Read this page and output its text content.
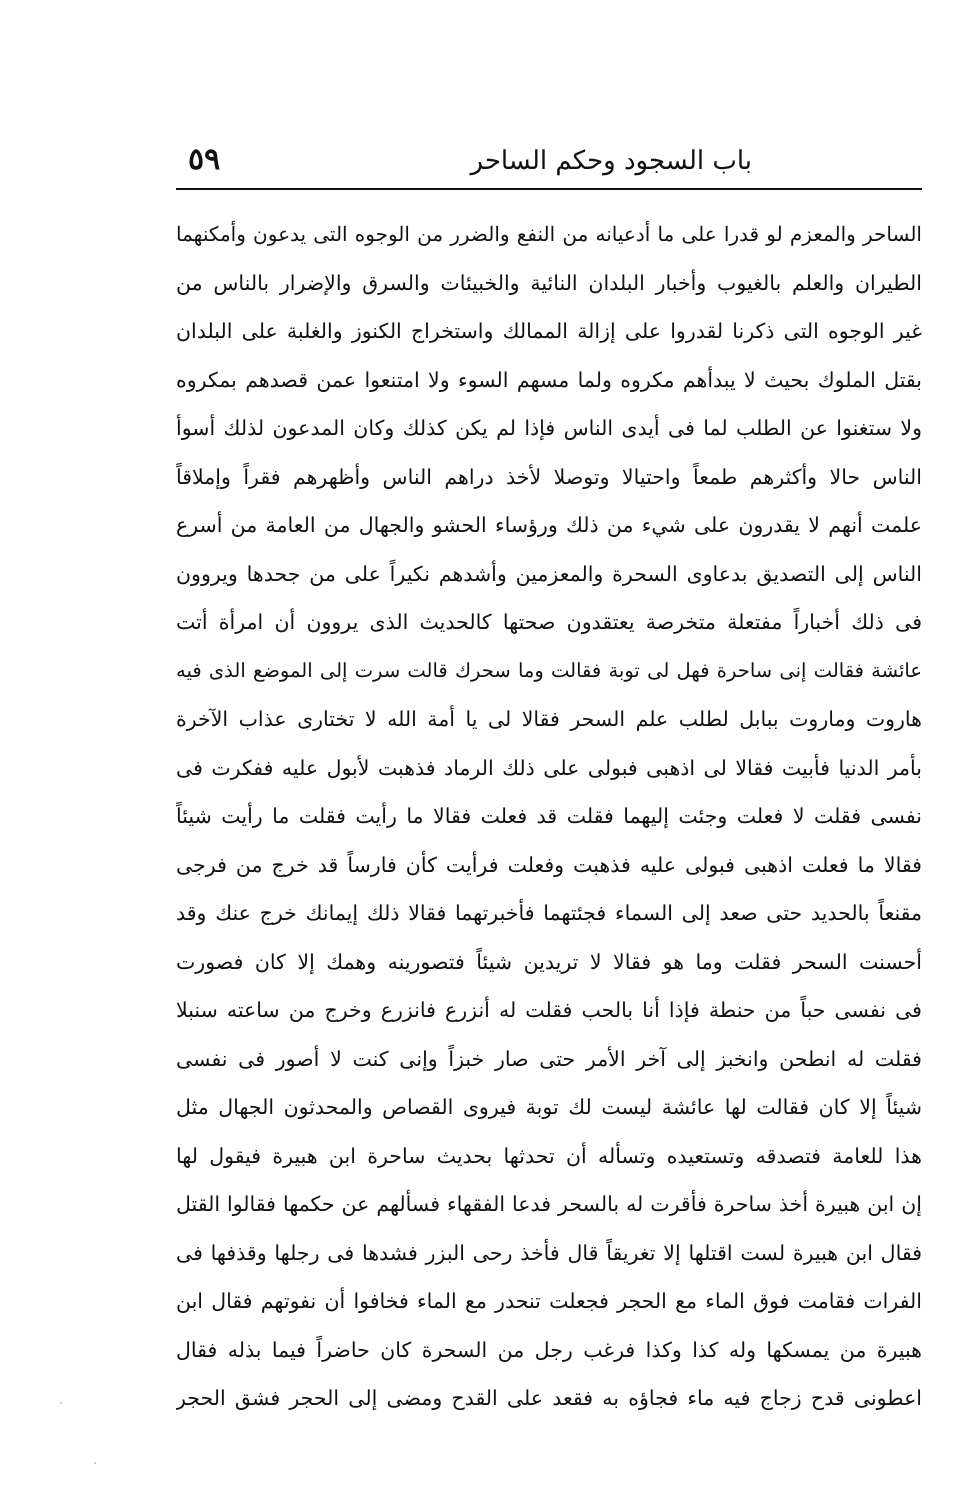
باب السجود وحكم الساحر
٥٩
الساحر والمعزم لو قدرا على ما أدعيانه من النفع والضرر من الوجوه التى يدعون وأمكنهما
الطيران والعلم بالغيوب وأخبار البلدان النائية والخبيئات والسرق والإضرار بالناس من
غير الوجوه التى ذكرنا لقدروا على إزالة الممالك واستخراج الكنوز والغلبة على البلدان
بقتل الملوك بحيث لا يبدأهم مكروه ولما مسهم السوء ولا امتنعوا عمن قصدهم بمكروه
ولا ستغنوا عن الطلب لما فى أيدى الناس فإذا لم يكن كذلك وكان المدعون لذلك أسوأ
الناس حالا وأكثرهم طمعاً واحتيالا وتوصلا لأخذ دراهم الناس وأظهرهم فقراً وإملاقاً
علمت أنهم لا يقدرون على شيء من ذلك ورؤساء الحشو والجهال من العامة من أسرع
الناس إلى التصديق بدعاوى السحرة والمعزمين وأشدهم نكيراً على من جحدها ويروون
فى ذلك أخباراً مفتعلة متخرصة يعتقدون صحتها كالحديث الذى يروون أن امرأة أتت
عائشة فقالت إنى ساحرة فهل لى توبة فقالت وما سحرك قالت سرت إلى الموضع الذى فيه
هاروت وماروت ببابل لطلب علم السحر فقالا لى يا أمة الله لا تختارى عذاب الآخرة
بأمر الدنيا فأبيت فقالا لى اذهبى فبولى على ذلك الرماد فذهبت لأبول عليه ففكرت فى
نفسى فقلت لا فعلت وجئت إليهما فقلت قد فعلت فقالا ما رأيت فقلت ما رأيت شيئاً
فقالا ما فعلت اذهبى فبولى عليه فذهبت وفعلت فرأيت كأن فارساً قد خرج من فرجى
مقنعاً بالحديد حتى صعد إلى السماء فجئتهما فأخبرتهما فقالا ذلك إيمانك خرج عنك وقد
أحسنت السحر فقلت وما هو فقالا لا تريدين شيئاً فتصورينه وهمك إلا كان فصورت
فى نفسى حباً من حنطة فإذا أنا بالحب فقلت له أنزرع فانزرع وخرج من ساعته سنبلا
فقلت له انطحن وانخبز إلى آخر الأمر حتى صار خبزاً وإنى كنت لا أصور فى نفسى
شيئاً إلا كان فقالت لها عائشة ليست لك توبة فيروى القصاص والمحدثون الجهال مثل
هذا للعامة فتصدقه وتستعيده وتسأله أن تحدثها بحديث ساحرة ابن هبيرة فيقول لها
إن ابن هبيرة أخذ ساحرة فأقرت له بالسحر فدعا الفقهاء فسألهم عن حكمها فقالوا القتل
فقال ابن هبيرة لست اقتلها إلا تغريقاً قال فأخذ رحى البزر فشدها فى رجلها وقذفها فى
الفرات فقامت فوق الماء مع الحجر فجعلت تنحدر مع الماء فخافوا أن نفوتهم فقال ابن
هبيرة من يمسكها وله كذا وكذا فرغب رجل من السحرة كان حاضراً فيما بذله فقال
اعطونى قدح زجاج فيه ماء فجاؤه به فقعد على القدح ومضى إلى الحجر فشق الحجر
